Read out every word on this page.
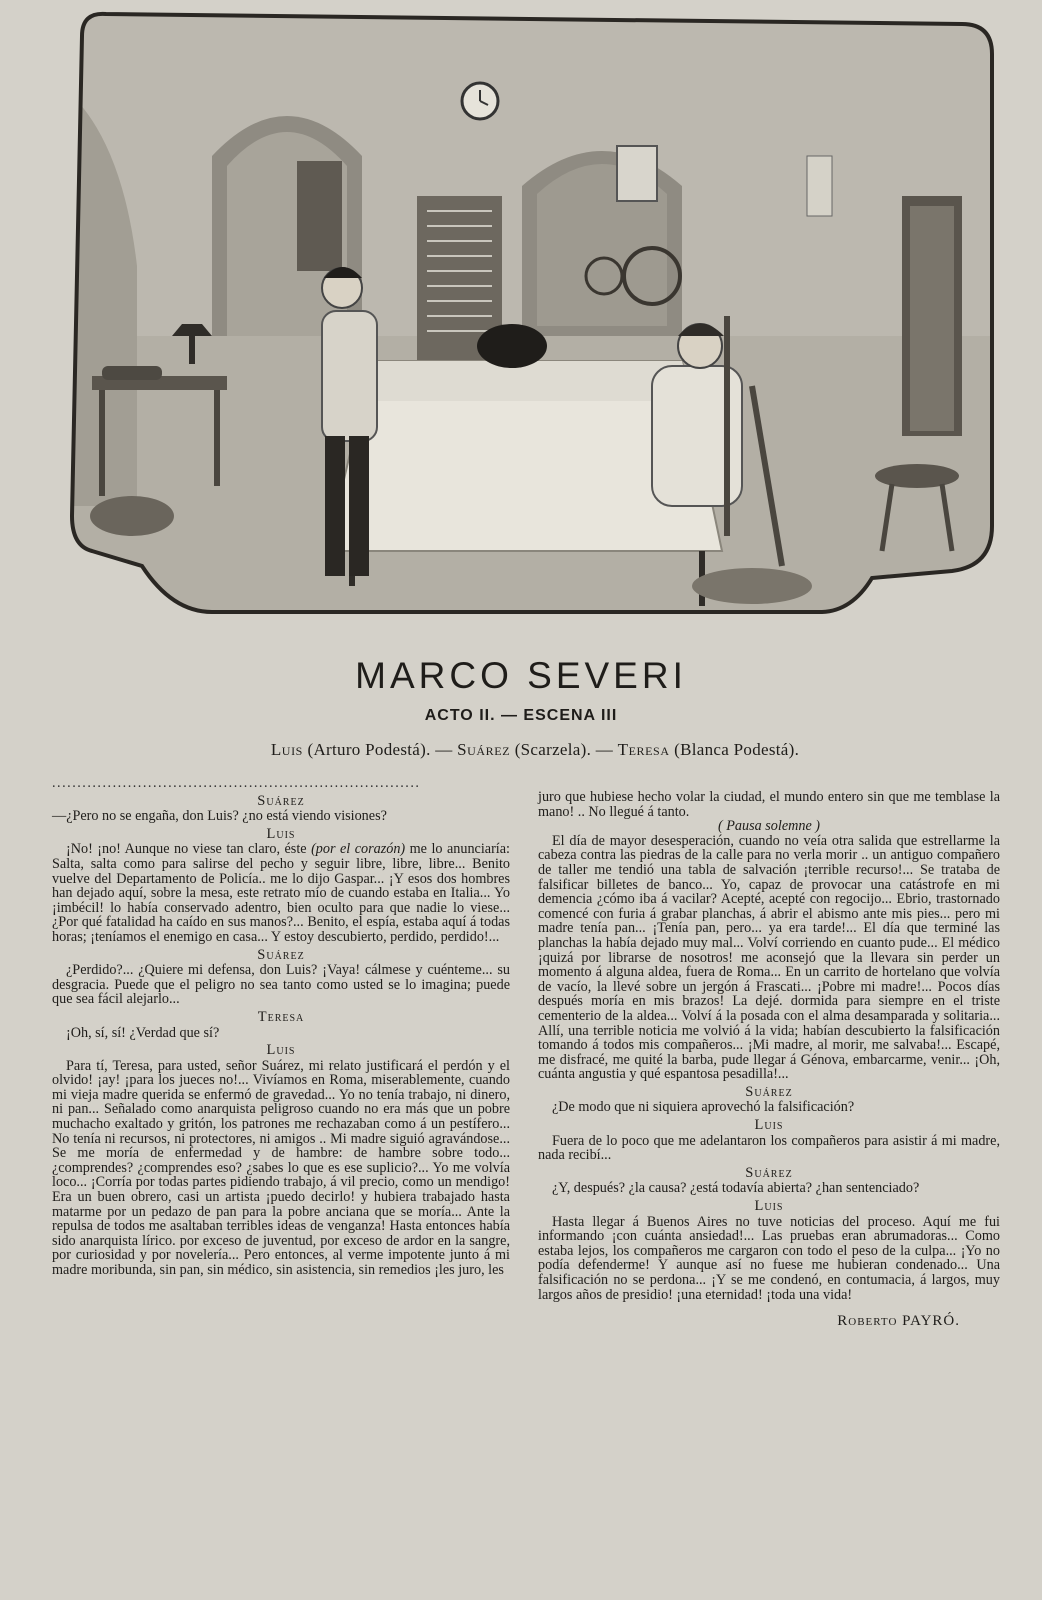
MARCO SEVERI
ACTO II. — ESCENA III
Luis (Arturo Podestá). — Suárez (Scarzela). — Teresa (Blanca Podestá).

.........................................................................

Suárez

—¿Pero no se engaña, don Luis? ¿no está viendo visiones?

Luis

¡No! ¡no! Aunque no viese tan claro, éste (por el corazón) me lo anunciaría: Salta, salta como para salirse del pecho y seguir libre, libre, libre... Benito vuelve del Departamento de Policía.. me lo dijo Gaspar... ¡Y esos dos hombres han dejado aquí, sobre la mesa, este retrato mío de cuando estaba en Italia... Yo ¡imbécil! lo había conservado adentro, bien oculto para que nadie lo viese... ¿Por qué fatalidad ha caído en sus manos?... Benito, el espía, estaba aquí á todas horas; ¡teníamos el enemigo en casa... Y estoy descubierto, perdido, perdido!...

Suárez

¿Perdido?... ¿Quiere mi defensa, don Luis? ¡Vaya! cálmese y cuénteme... su desgracia. Puede que el peligro no sea tanto como usted se lo imagina; puede que sea fácil alejarlo...

Teresa

¡Oh, sí, sí! ¿Verdad que sí?

Luis

Para tí, Teresa, para usted, señor Suárez, mi relato justificará el perdón y el olvido! ¡ay! ¡para los jueces no!... Vivíamos en Roma, miserablemente, cuando mi vieja madre querida se enfermó de gravedad... Yo no tenía trabajo, ni dinero, ni pan... Señalado como anarquista peligroso cuando no era más que un pobre muchacho exaltado y gritón, los patrones me rechazaban como á un pestífero... No tenía ni recursos, ni protectores, ni amigos .. Mi madre siguió agravándose... Se me moría de enfermedad y de hambre: de hambre sobre todo... ¿comprendes? ¿comprendes eso? ¿sabes lo que es ese suplicio?... Yo me volvía loco... ¡Corría por todas partes pidiendo trabajo, á vil precio, como un mendigo! Era un buen obrero, casi un artista ¡puedo decirlo! y hubiera trabajado hasta matarme por un pedazo de pan para la pobre anciana que se moría... Ante la repulsa de todos me asaltaban terribles ideas de venganza! Hasta entonces había sido anarquista lírico. por exceso de juventud, por exceso de ardor en la sangre, por curiosidad y por novelería... Pero entonces, al verme impotente junto á mi madre moribunda, sin pan, sin médico, sin asistencia, sin remedios ¡les juro, les

juro que hubiese hecho volar la ciudad, el mundo entero sin que me temblase la mano! .. No llegué á tanto.

( Pausa solemne )

El día de mayor desesperación, cuando no veía otra salida que estrellarme la cabeza contra las piedras de la calle para no verla morir .. un antiguo compañero de taller me tendió una tabla de salvación ¡terrible recurso!... Se trataba de falsificar billetes de banco... Yo, capaz de provocar una catástrofe en mi demencia ¿cómo iba á vacilar? Acepté, acepté con regocijo... Ebrio, trastornado comencé con furia á grabar planchas, á abrir el abismo ante mis pies... pero mi madre tenía pan... ¡Tenía pan, pero... ya era tarde!... El día que terminé las planchas la había dejado muy mal... Volví corriendo en cuanto pude... El médico ¡quizá por librarse de nosotros! me aconsejó que la llevara sin perder un momento á alguna aldea, fuera de Roma... En un carrito de hortelano que volvía de vacío, la llevé sobre un jergón á Frascati... ¡Pobre mi madre!... Pocos días después moría en mis brazos! La dejé. dormida para siempre en el triste cementerio de la aldea... Volví á la posada con el alma desamparada y solitaria... Allí, una terrible noticia me volvió á la vida; habían descubierto la falsificación tomando á todos mis compañeros... ¡Mi madre, al morir, me salvaba!... Escapé, me disfracé, me quité la barba, pude llegar á Génova, embarcarme, venir... ¡Oh, cuánta angustia y qué espantosa pesadilla!...

Suárez

¿De modo que ni siquiera aprovechó la falsificación?

Luis

Fuera de lo poco que me adelantaron los compañeros para asistir á mi madre, nada recibí...

Suárez

¿Y, después? ¿la causa? ¿está todavía abierta? ¿han sentenciado?

Luis

Hasta llegar á Buenos Aires no tuve noticias del proceso. Aquí me fui informando ¡con cuánta ansiedad!... Las pruebas eran abrumadoras... Como estaba lejos, los compañeros me cargaron con todo el peso de la culpa... ¡Yo no podía defenderme! Y aunque así no fuese me hubieran condenado... Una falsificación no se perdona... ¡Y se me condenó, en contumacia, á largos, muy largos años de presidio! ¡una eternidad! ¡toda una vida!

Roberto PAYRÓ.
